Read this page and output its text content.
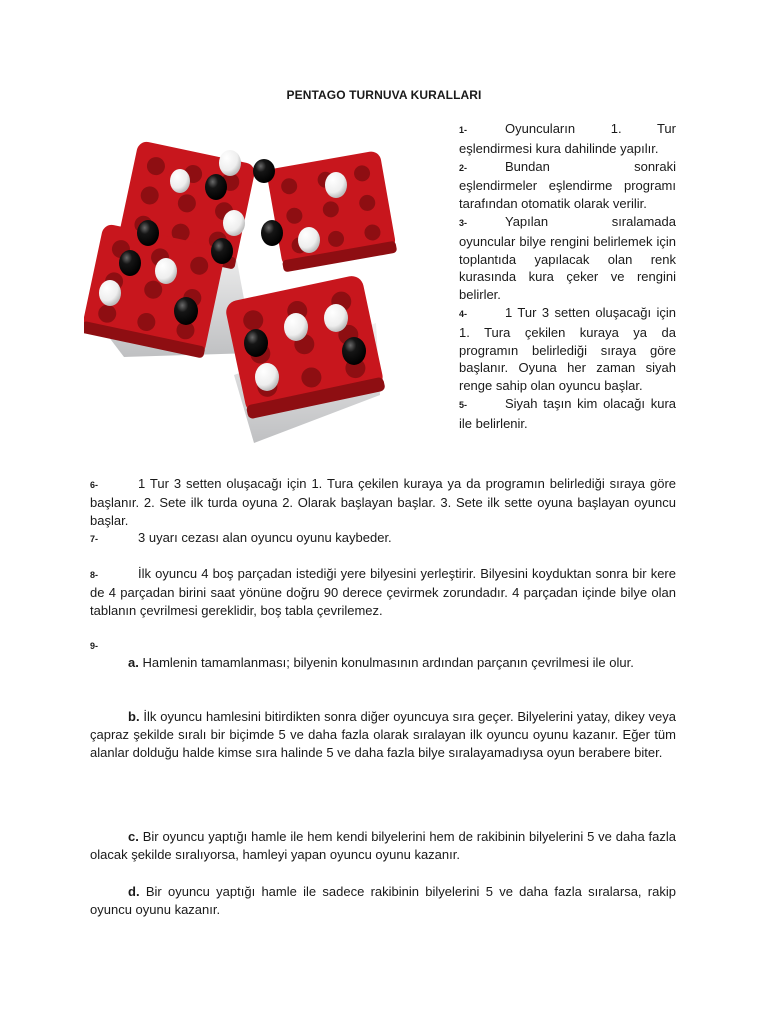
PENTAGO TURNUVA KURALLARI

1-	Oyuncuların 1. Tur eşlendirmesi kura dahilinde yapılır.

2-	Bundan sonraki eşlendirmeler eşlendirme programı tarafından otomatik olarak verilir.

3-	Yapılan sıralamada oyuncular bilye rengini belirlemek için toplantıda yapılacak olan renk kurasında kura çeker ve rengini belirler.

4-	1 Tur 3 setten oluşacağı için 1. Tura çekilen kuraya ya da programın belirlediği sıraya göre başlanır. Oyuna her zaman siyah renge sahip olan oyuncu başlar.

5-	Siyah taşın kim olacağı kura ile belirlenir.

6-	1 Tur 3 setten oluşacağı için 1. Tura çekilen kuraya ya da programın belirlediği sıraya göre başlanır. 2. Sete ilk turda oyuna 2. Olarak başlayan başlar. 3. Sete ilk sette oyuna başlayan oyuncu başlar.

7-	3 uyarı cezası alan oyuncu oyunu kaybeder.

8-	İlk oyuncu 4 boş parçadan istediği yere bilyesini yerleştirir. Bilyesini koyduktan sonra bir kere de 4 parçadan birini saat yönüne doğru 90 derece çevirmek zorundadır. 4 parçadan içinde bilye olan tablanın çevrilmesi gereklidir, boş tabla çevrilemez.

9-

a. Hamlenin tamamlanması; bilyenin konulmasının ardından parçanın çevrilmesi ile olur.

b. İlk oyuncu hamlesini bitirdikten sonra diğer oyuncuya sıra geçer. Bilyelerini yatay, dikey veya çapraz şekilde sıralı bir biçimde 5 ve daha fazla olarak sıralayan ilk oyuncu oyunu kazanır. Eğer tüm alanlar dolduğu halde kimse sıra halinde 5 ve daha fazla bilye sıralayamadıysa oyun berabere biter.

c. Bir oyuncu yaptığı hamle ile hem kendi bilyelerini hem de rakibinin bilyelerini 5 ve daha fazla olacak şekilde sıralıyorsa, hamleyi yapan oyuncu oyunu kazanır.

d. Bir oyuncu yaptığı hamle ile sadece rakibinin bilyelerini 5 ve daha fazla sıralarsa, rakip oyuncu oyunu kazanır.
